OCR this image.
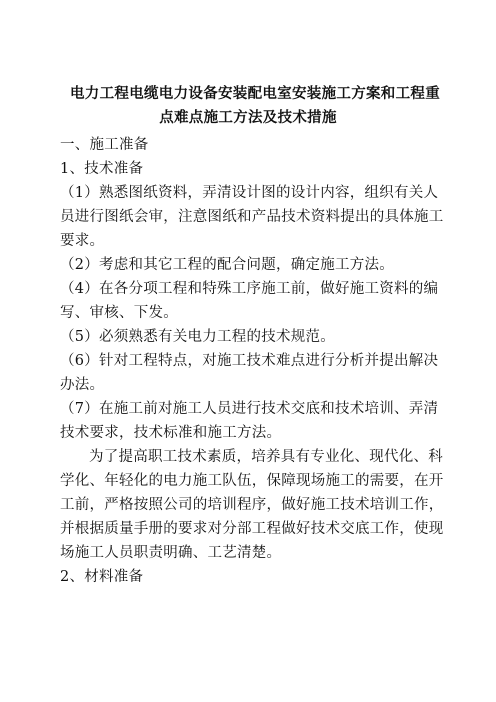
电力工程电缆电力设备安装配电室安装施工方案和工程重
点难点施工方法及技术措施
一、施工准备
1、技术准备
（1）熟悉图纸资料，弄清设计图的设计内容，组织有关人
员进行图纸会审，注意图纸和产品技术资料提出的具体施工
要求。
（2）考虑和其它工程的配合问题，确定施工方法。
（4）在各分项工程和特殊工序施工前，做好施工资料的编
写、审核、下发。
（5）必须熟悉有关电力工程的技术规范。
（6）针对工程特点，对施工技术难点进行分析并提出解决
办法。
（7）在施工前对施工人员进行技术交底和技术培训、弄清
技术要求，技术标准和施工方法。
为了提高职工技术素质，培养具有专业化、现代化、科
学化、年轻化的电力施工队伍，保障现场施工的需要，在开
工前，严格按照公司的培训程序，做好施工技术培训工作，
并根据质量手册的要求对分部工程做好技术交底工作，使现
场施工人员职责明确、工艺清楚。
2、材料准备
